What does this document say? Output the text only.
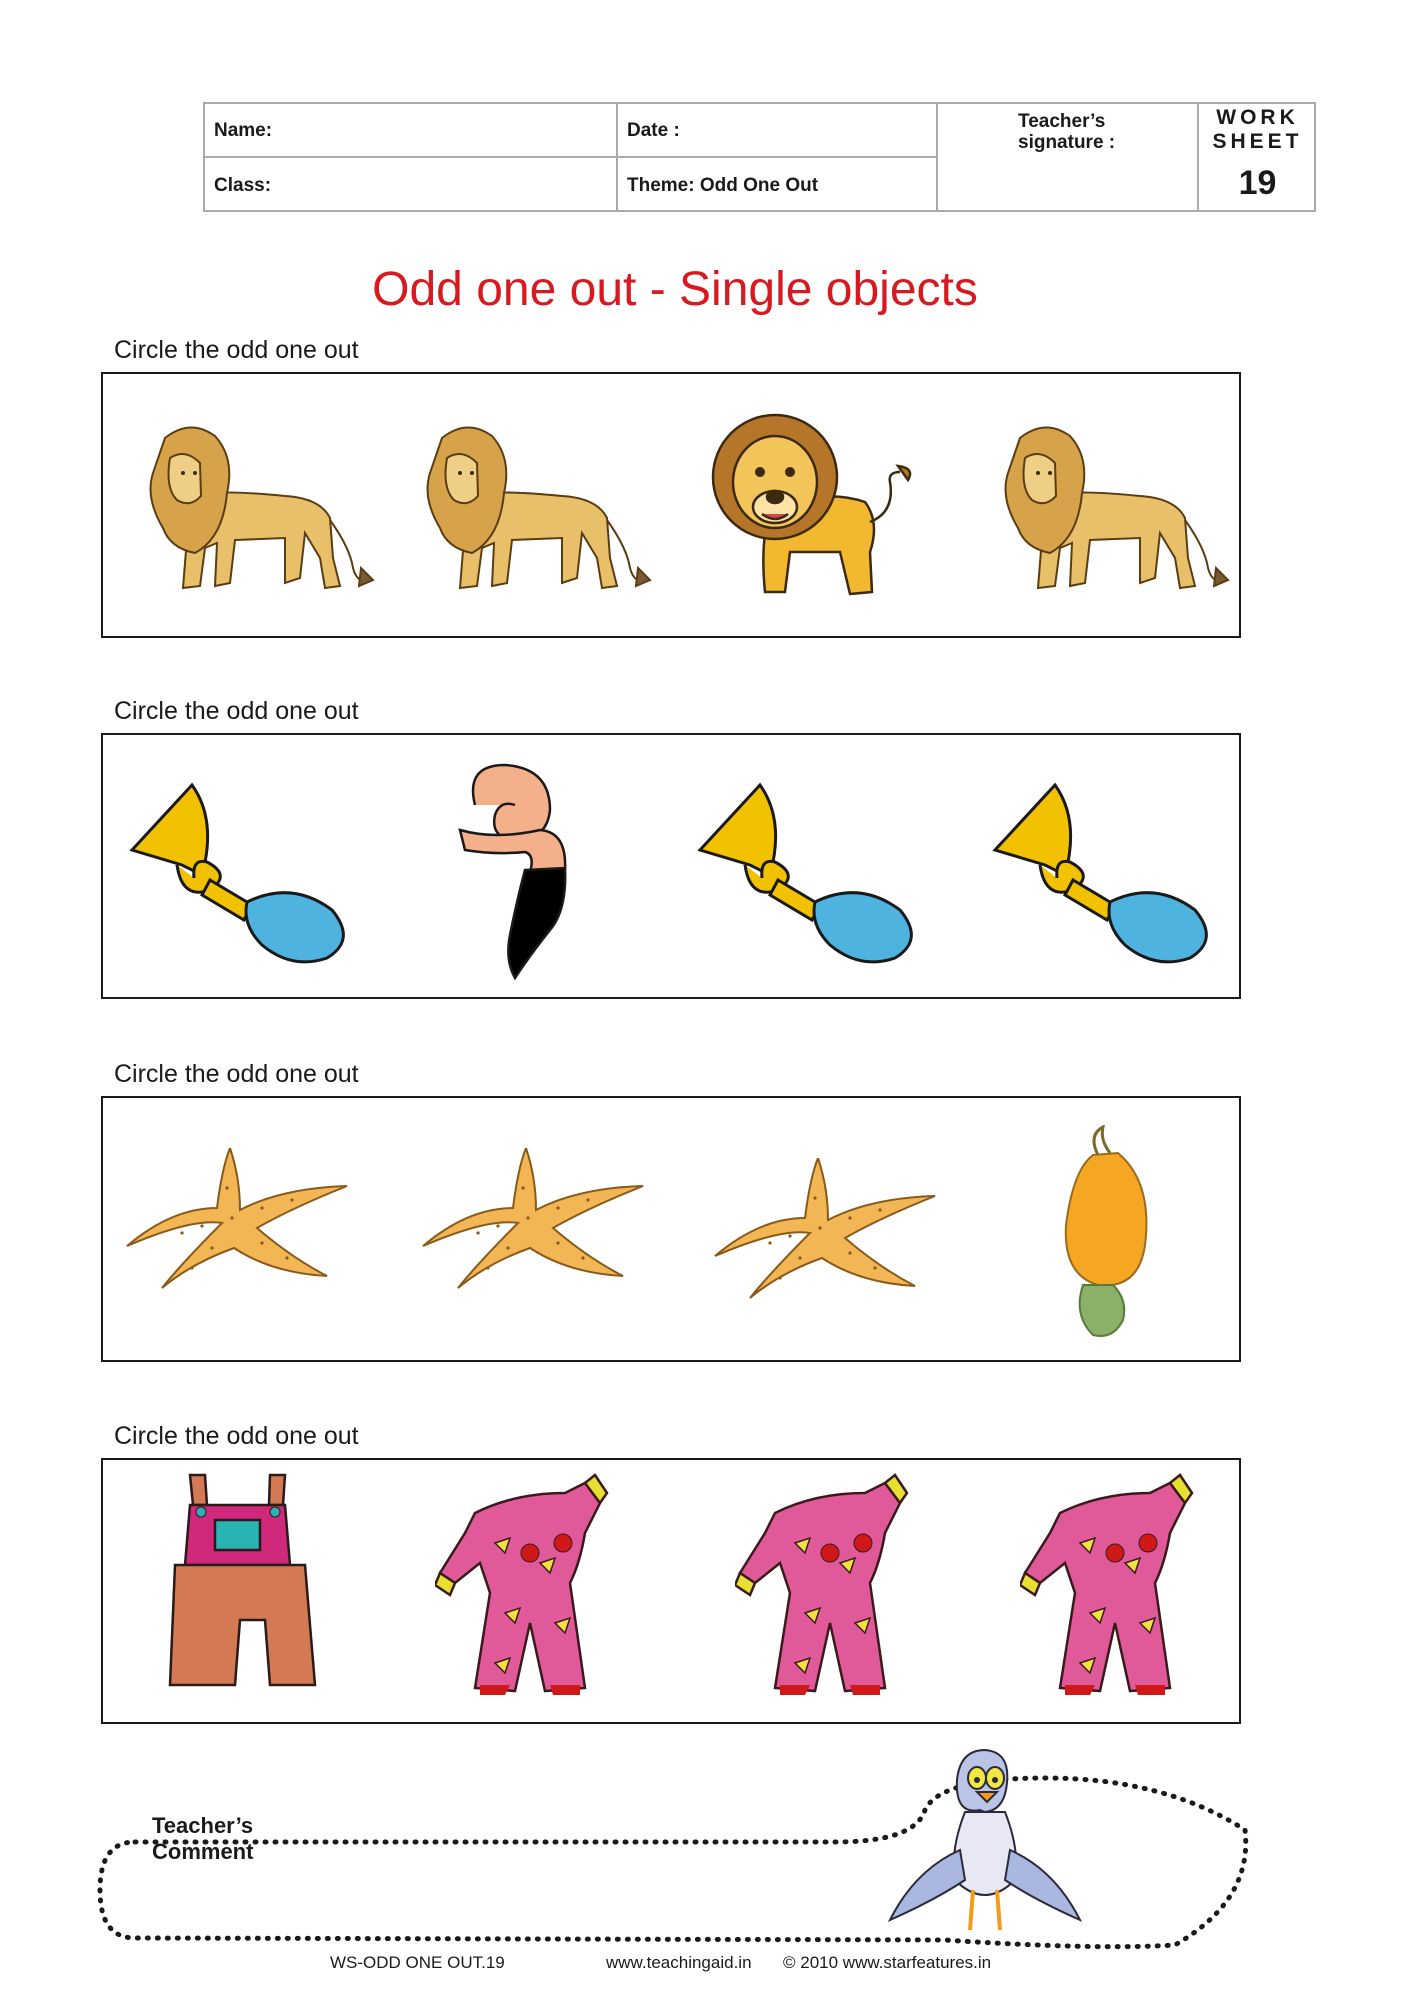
Name:	Date :
Class:	Theme: Odd One Out
Teacher’s
signature :
WORK
SHEET
19
Odd one out - Single objects
Circle the odd one out
Circle the odd one out
Circle the odd one out
Circle the odd one out
Teacher’s
Comment
WS-ODD ONE OUT.19	www.teachingaid.in © 2010 www.starfeatures.in
